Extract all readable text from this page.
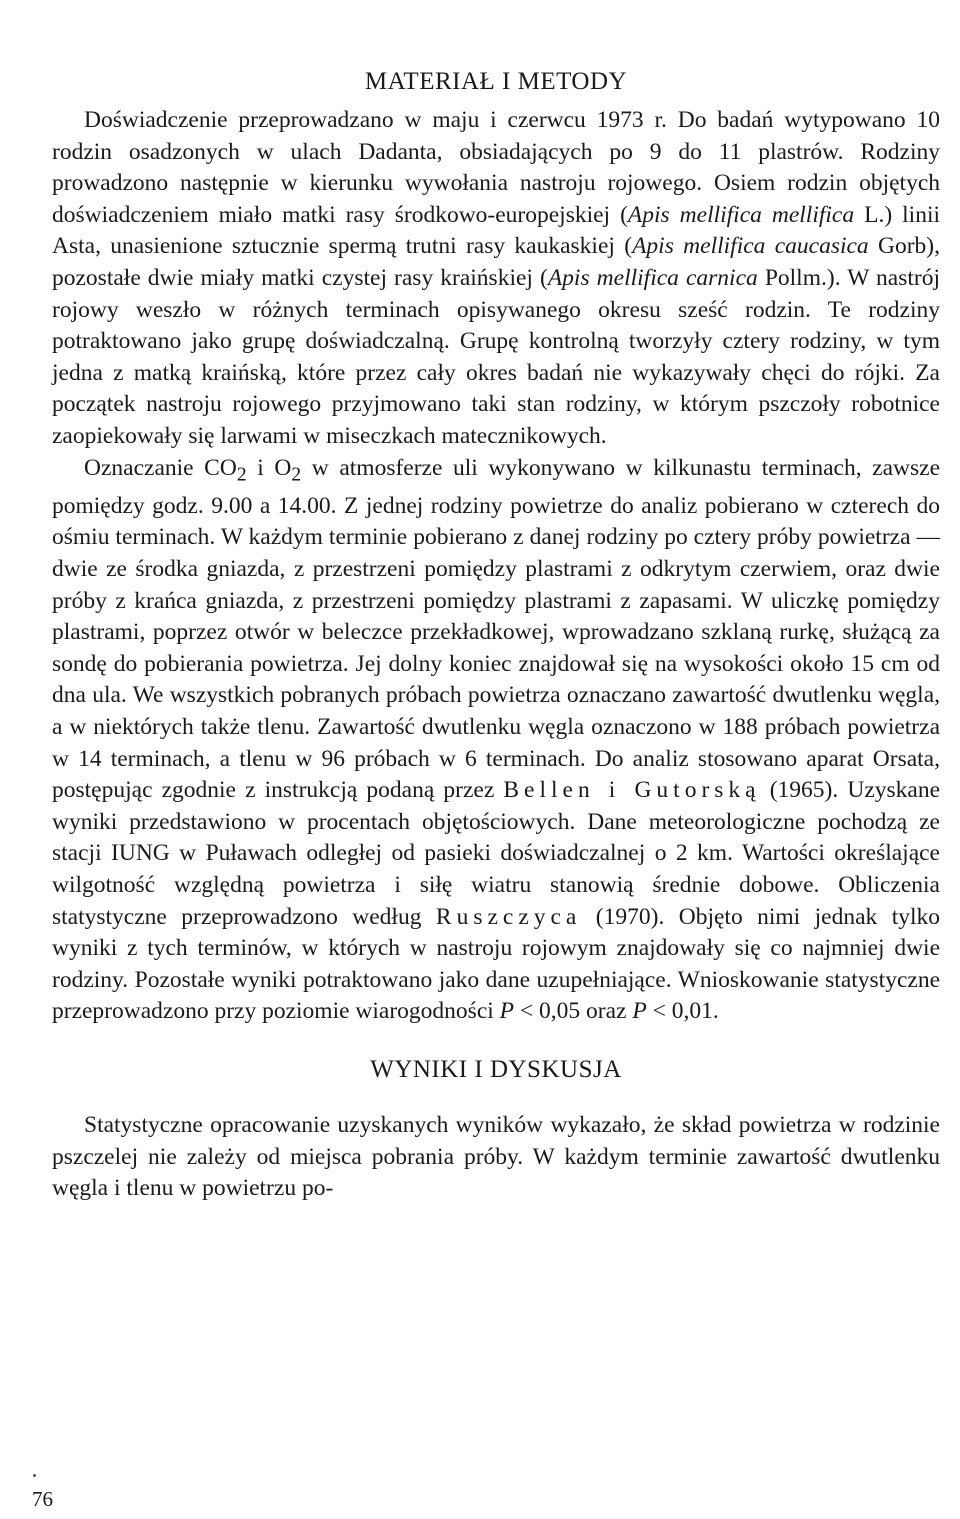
MATERIAŁ I METODY

Doświadczenie przeprowadzano w maju i czerwcu 1973 r. Do badań wytypowano 10 rodzin osadzonych w ulach Dadanta, obsiadających po 9 do 11 plastrów. Rodziny prowadzono następnie w kierunku wywołania nastroju rojowego. Osiem rodzin objętych doświadczeniem miało matki rasy środkowo-europejskiej (Apis mellifica mellifica L.) linii Asta, unasienione sztucznie spermą trutni rasy kaukaskiej (Apis mellifica caucasica Gorb), pozostałe dwie miały matki czystej rasy kraińskiej (Apis mellifica carnica Pollm.). W nastrój rojowy weszło w różnych terminach opisywanego okresu sześć rodzin. Te rodziny potraktowano jako grupę doświadczalną. Grupę kontrolną tworzyły cztery rodziny, w tym jedna z matką kraińską, które przez cały okres badań nie wykazywały chęci do rójki. Za początek nastroju rojowego przyjmowano taki stan rodziny, w którym pszczoły robotnice zaopiekowały się larwami w miseczkach matecznikowych.

Oznaczanie $CO_2$ i $O_2$ w atmosferze uli wykonywano w kilkunastu terminach, zawsze pomiędzy godz. 9.00 a 14.00. Z jednej rodziny powietrze do analiz pobierano w czterech do ośmiu terminach. W każdym terminie pobierano z danej rodziny po cztery próby powietrza — dwie ze środka gniazda, z przestrzeni pomiędzy plastrami z odkrytym czerwiem, oraz dwie próby z krańca gniazda, z przestrzeni pomiędzy plastrami z zapasami. W uliczkę pomiędzy plastrami, poprzez otwór w beleczce przekładkowej, wprowadzano szklaną rurkę, służącą za sondę do pobierania powietrza. Jej dolny koniec znajdował się na wysokości około 15 cm od dna ula. We wszystkich pobranych próbach powietrza oznaczano zawartość dwutlenku węgla, a w niektórych także tlenu. Zawartość dwutlenku węgla oznaczono w 188 próbach powietrza w 14 terminach, a tlenu w 96 próbach w 6 terminach. Do analiz stosowano aparat Orsata, postępując zgodnie z instrukcją podaną przez Bellen i Gutorską (1965). Uzyskane wyniki przedstawiono w procentach objętościowych. Dane meteorologiczne pochodzą ze stacji IUNG w Puławach odległej od pasieki doświadczalnej o 2 km. Wartości określające wilgotność względną powietrza i siłę wiatru stanowią średnie dobowe. Obliczenia statystyczne przeprowadzono według Ruszczyca (1970). Objęto nimi jednak tylko wyniki z tych terminów, w których w nastroju rojowym znajdowały się co najmniej dwie rodziny. Pozostałe wyniki potraktowano jako dane uzupełniające. Wnioskowanie statystyczne przeprowadzono przy poziomie wiarogodności P < 0,05 oraz P < 0,01.

WYNIKI I DYSKUSJA

Statystyczne opracowanie uzyskanych wyników wykazało, że skład powietrza w rodzinie pszczelej nie zależy od miejsca pobrania próby. W każdym terminie zawartość dwutlenku węgla i tlenu w powietrzu po-

76
